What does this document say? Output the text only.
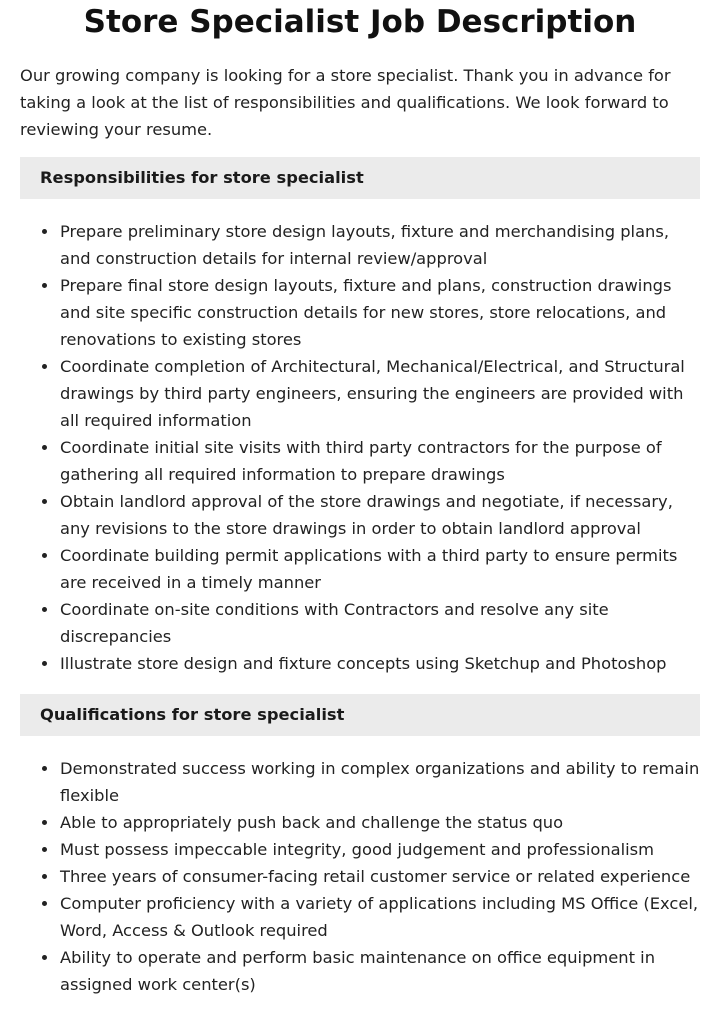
Store Specialist Job Description

Our growing company is looking for a store specialist. Thank you in advance for taking a look at the list of responsibilities and qualifications. We look forward to reviewing your resume.

Responsibilities for store specialist
Prepare preliminary store design layouts, fixture and merchandising plans, and construction details for internal review/approval
Prepare final store design layouts, fixture and plans, construction drawings and site specific construction details for new stores, store relocations, and renovations to existing stores
Coordinate completion of Architectural, Mechanical/Electrical, and Structural drawings by third party engineers, ensuring the engineers are provided with all required information
Coordinate initial site visits with third party contractors for the purpose of gathering all required information to prepare drawings
Obtain landlord approval of the store drawings and negotiate, if necessary, any revisions to the store drawings in order to obtain landlord approval
Coordinate building permit applications with a third party to ensure permits are received in a timely manner
Coordinate on-site conditions with Contractors and resolve any site discrepancies
Illustrate store design and fixture concepts using Sketchup and Photoshop
Qualifications for store specialist
Demonstrated success working in complex organizations and ability to remain flexible
Able to appropriately push back and challenge the status quo
Must possess impeccable integrity, good judgement and professionalism
Three years of consumer-facing retail customer service or related experience
Computer proficiency with a variety of applications including MS Office (Excel, Word, Access & Outlook required
Ability to operate and perform basic maintenance on office equipment in assigned work center(s)
